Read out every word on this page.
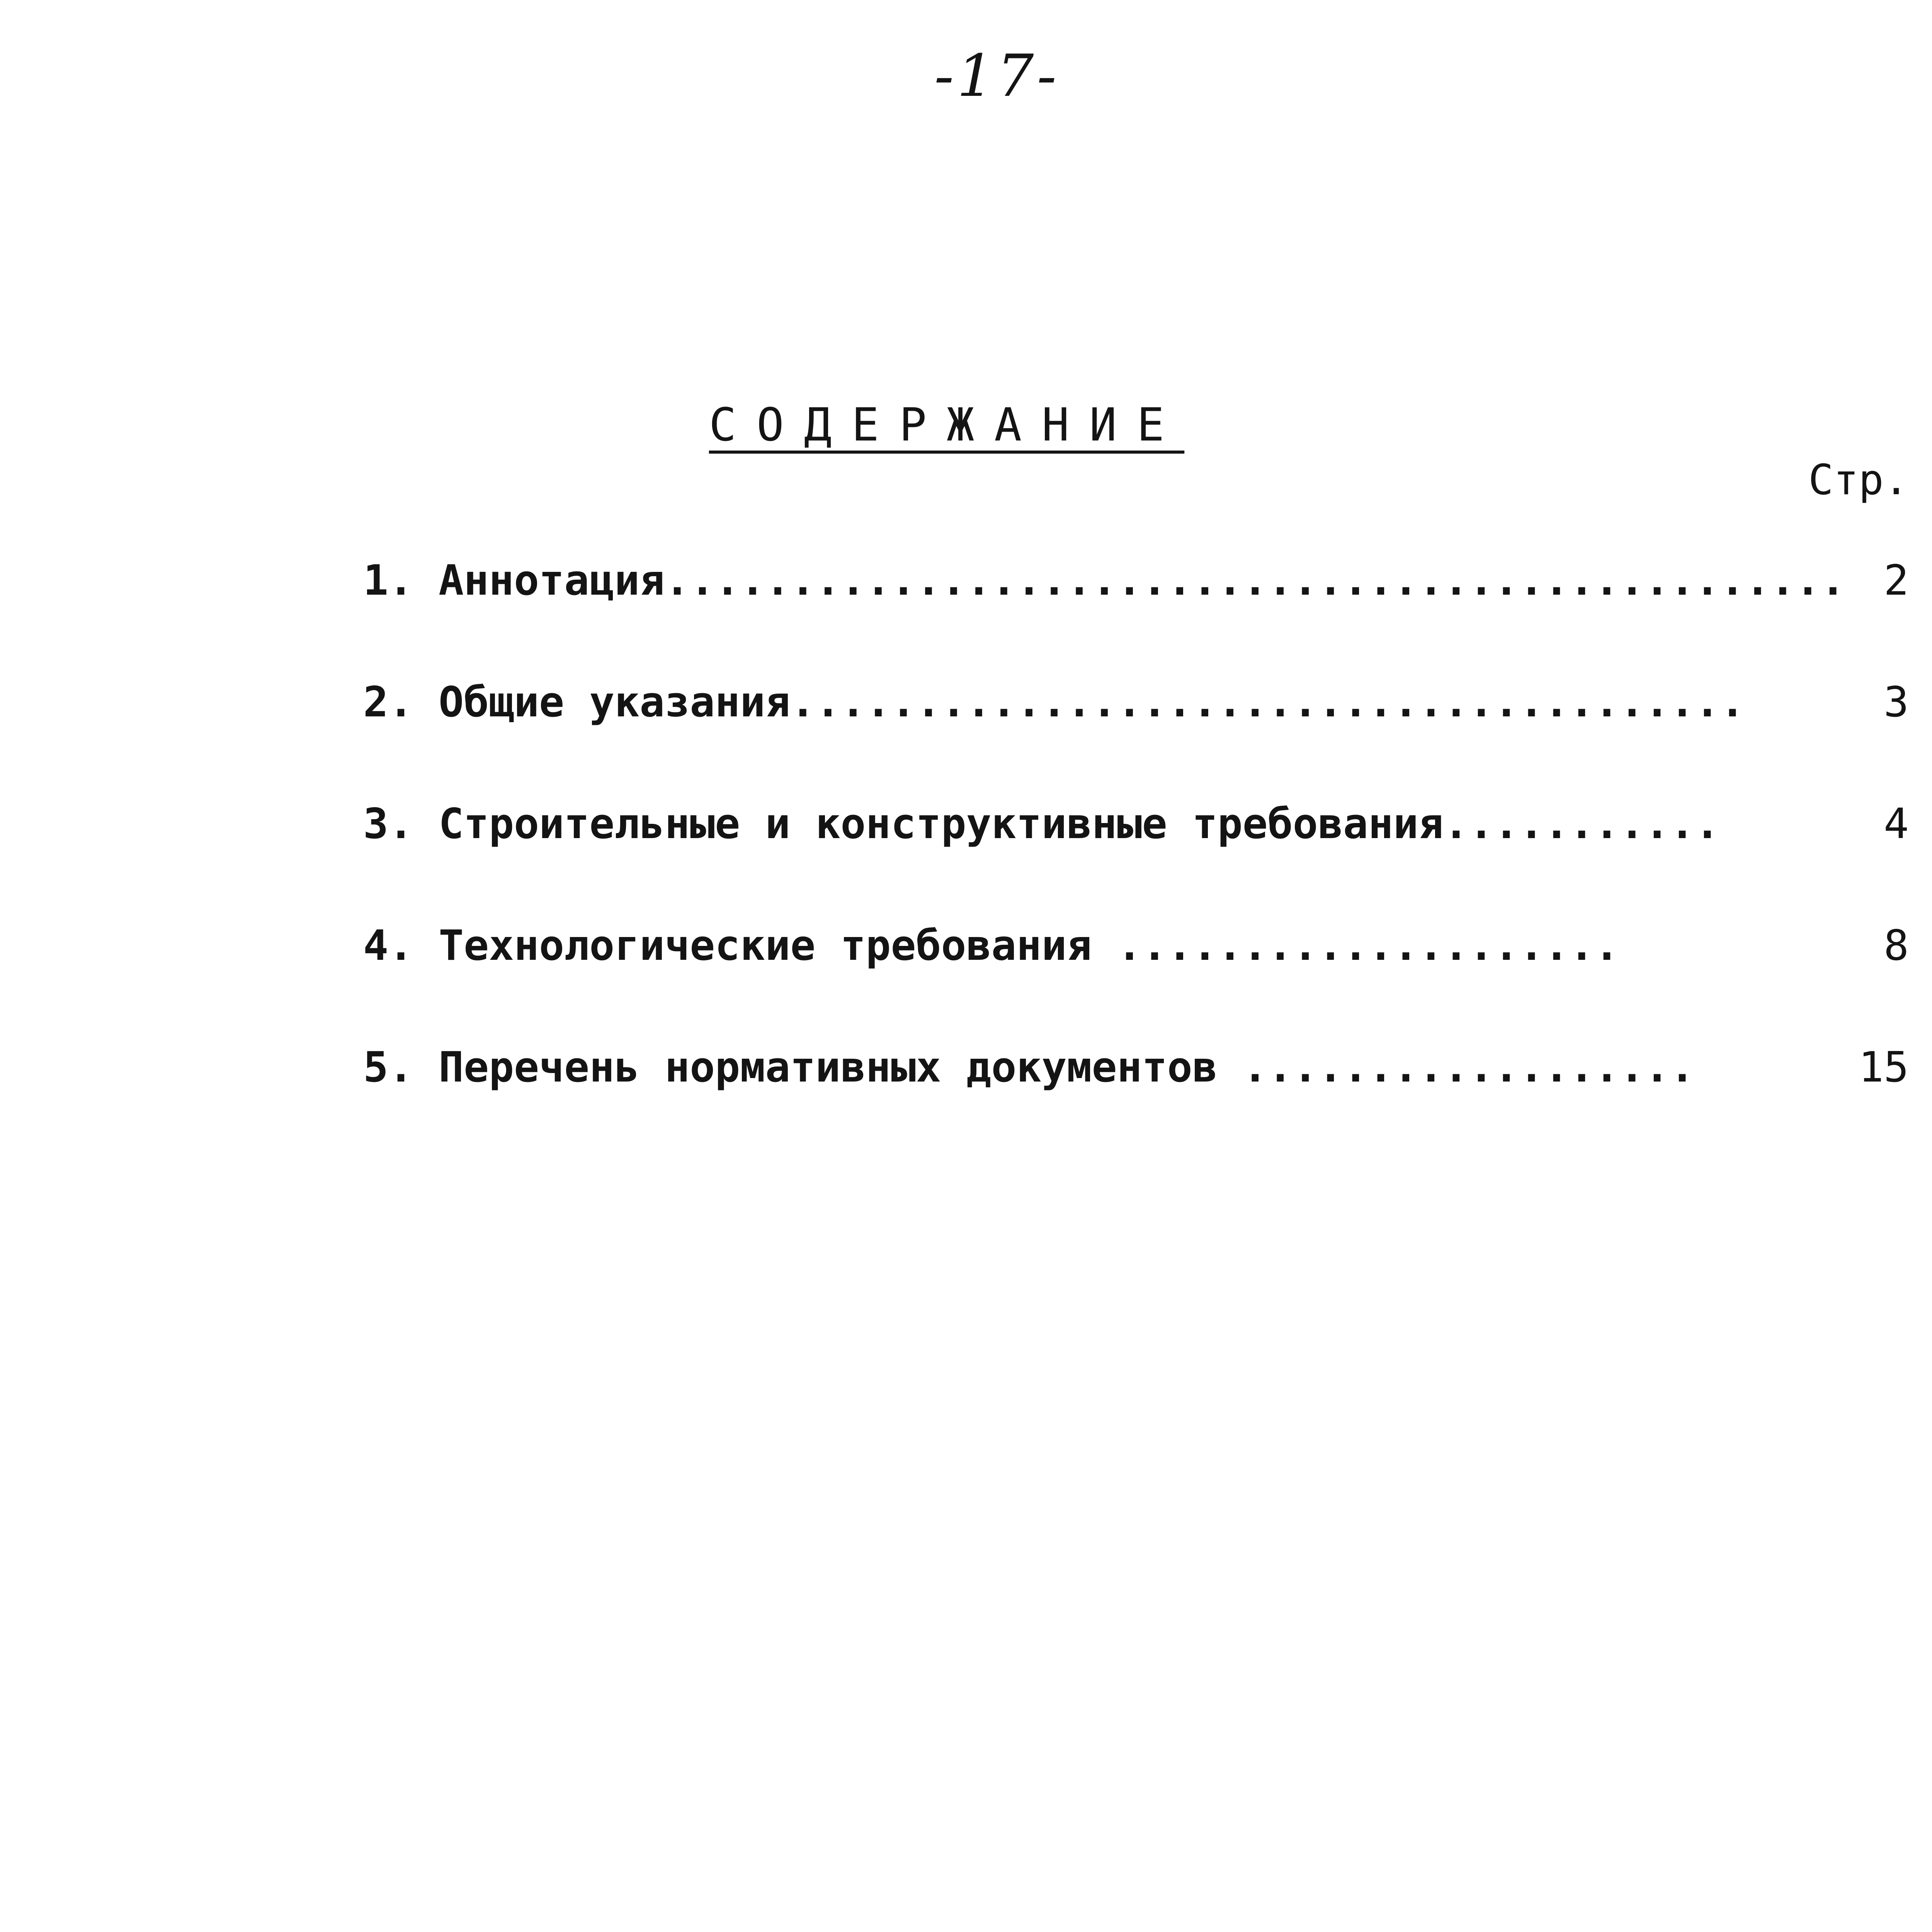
-17-
СОДЕРЖАНИЕ
Стр.
1. Аннотация............................................... 2
2. Общие указания......................................	3
3. Строительные и конструктивные требования...........	4
4. Технологические требования ....................	8
5. Перечень нормативных документов ..................	15
